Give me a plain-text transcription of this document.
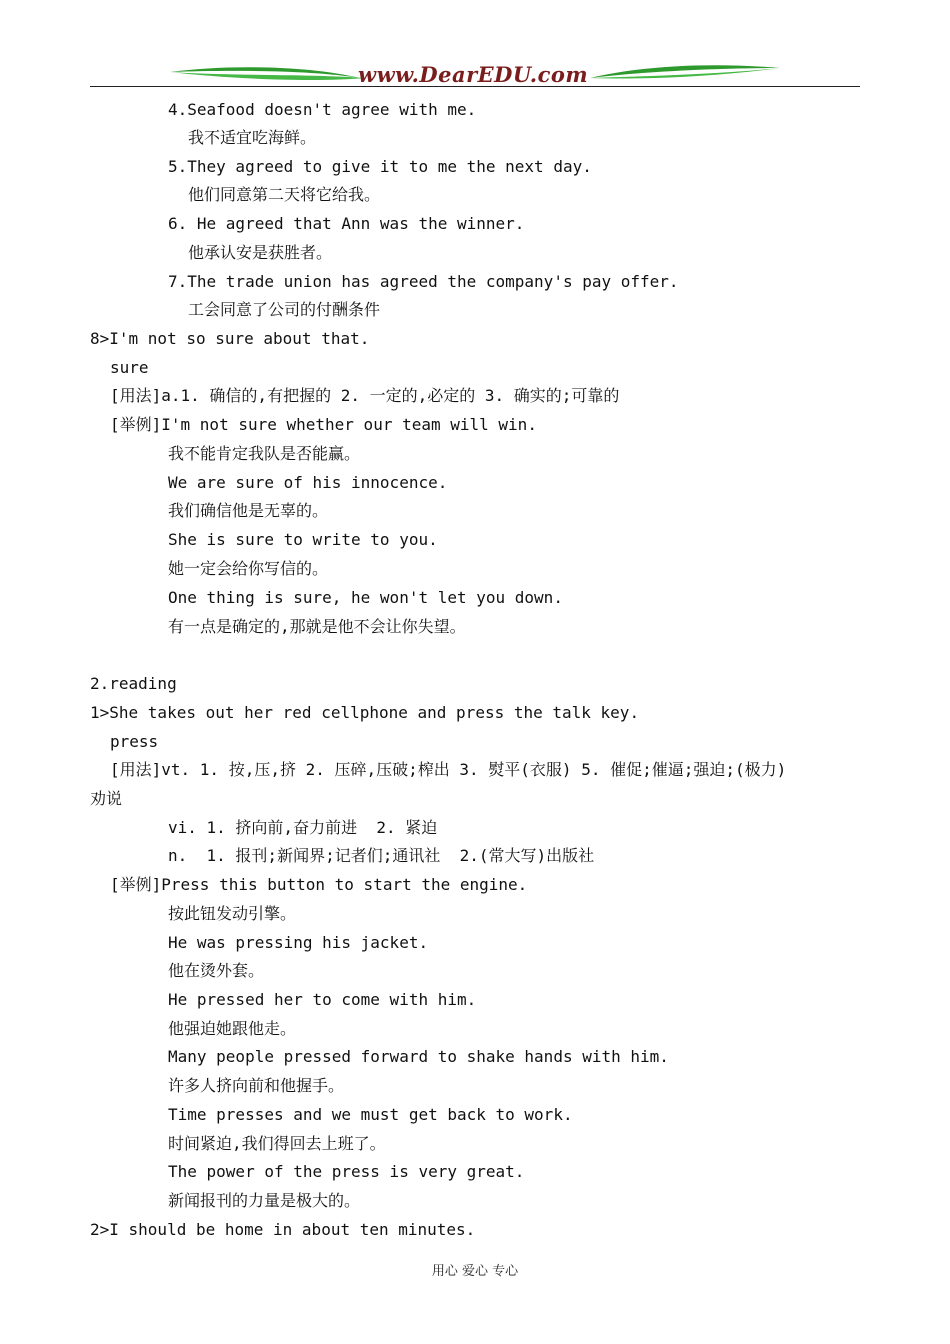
www.DearEDU.com
4.Seafood doesn't agree with me.
我不适宜吃海鲜。
5.They agreed to give it to me the next day.
他们同意第二天将它给我。
6. He agreed that Ann was the winner.
他承认安是获胜者。
7.The trade union has agreed the company's pay offer.
工会同意了公司的付酬条件
8>I'm not so sure about that.
sure
[用法]a.1. 确信的,有把握的 2. 一定的,必定的 3. 确实的;可靠的
[举例]I'm not sure whether our team will win.
我不能肯定我队是否能赢。
We are sure of his innocence.
我们确信他是无辜的。
She is sure to write to you.
她一定会给你写信的。
One thing is sure, he won't let you down.
有一点是确定的,那就是他不会让你失望。
2.reading
1>She takes out her red cellphone and press the talk key.
press
[用法]vt. 1. 按,压,挤 2. 压碎,压破;榨出 3. 熨平(衣服) 5. 催促;催逼;强迫;(极力)
劝说
vi. 1. 挤向前,奋力前进  2. 紧迫
n.  1. 报刊;新闻界;记者们;通讯社  2.(常大写)出版社
[举例]Press this button to start the engine.
按此钮发动引擎。
He was pressing his jacket.
他在烫外套。
He pressed her to come with him.
他强迫她跟他走。
Many people pressed forward to shake hands with him.
许多人挤向前和他握手。
Time presses and we must get back to work.
时间紧迫,我们得回去上班了。
The power of the press is very great.
新闻报刊的力量是极大的。
2>I should be home in about ten minutes.
用心 爱心 专心
